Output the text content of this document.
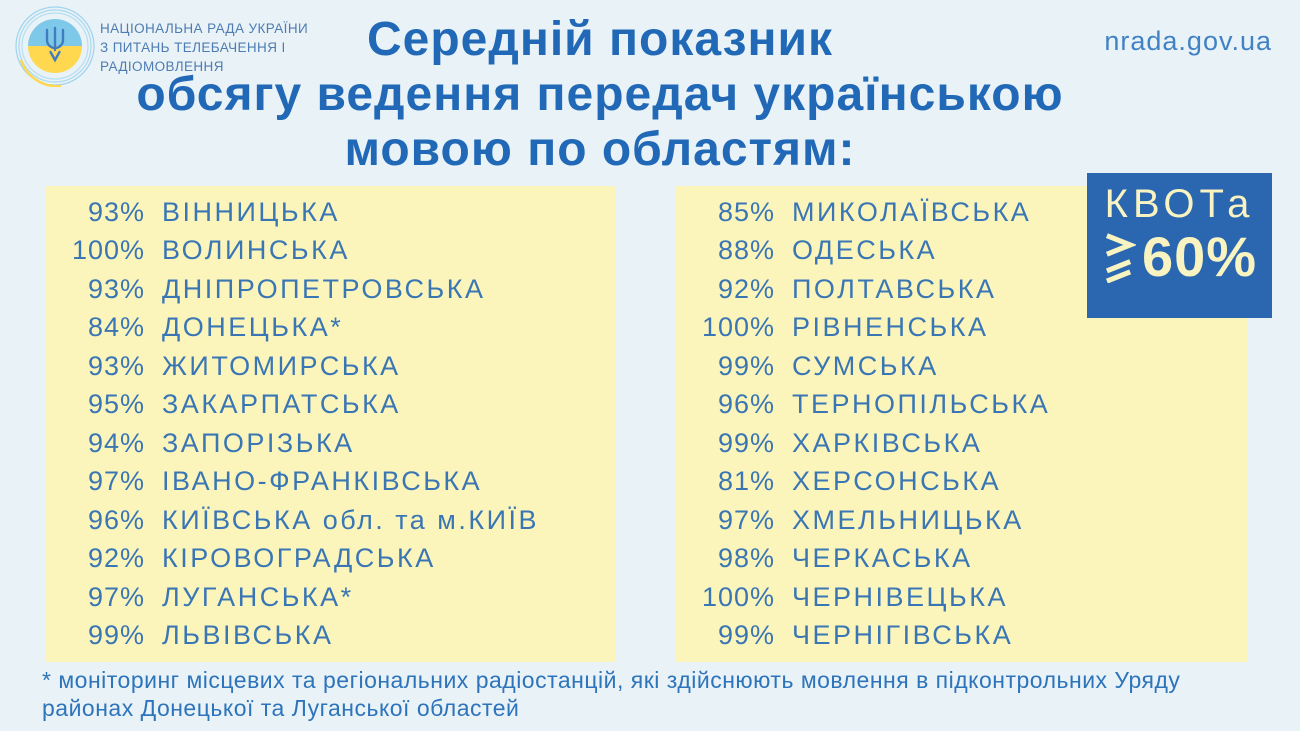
НАЦІОНАЛЬНА РАДА УКРАЇНИ
З ПИТАНЬ ТЕЛЕБАЧЕННЯ І
РАДІОМОВЛЕННЯ
nrada.gov.ua
Середній показник
обсягу ведення передач українською
мовою по областям:
КВОТа
60%
93% ВІННИЦЬКА
100% ВОЛИНСЬКА
93% ДНІПРОПЕТРОВСЬКА
84% ДОНЕЦЬКА*
93% ЖИТОМИРСЬКА
95% ЗАКАРПАТСЬКА
94% ЗАПОРІЗЬКА
97% ІВАНО-ФРАНКІВСЬКА
96% КИЇВСЬКА обл. та м.КИЇВ
92% КІРОВОГРАДСЬКА
97% ЛУГАНСЬКА*
99% ЛЬВІВСЬКА
85% МИКОЛАЇВСЬКА
88% ОДЕСЬКА
92% ПОЛТАВСЬКА
100% РІВНЕНСЬКА
99% СУМСЬКА
96% ТЕРНОПІЛЬСЬКА
99% ХАРКІВСЬКА
81% ХЕРСОНСЬКА
97% ХМЕЛЬНИЦЬКА
98% ЧЕРКАСЬКА
100% ЧЕРНІВЕЦЬКА
99% ЧЕРНІГІВСЬКА
* моніторинг місцевих та регіональних радіостанцій, які здійснюють мовлення в підконтрольних Уряду районах Донецької та Луганської областей
